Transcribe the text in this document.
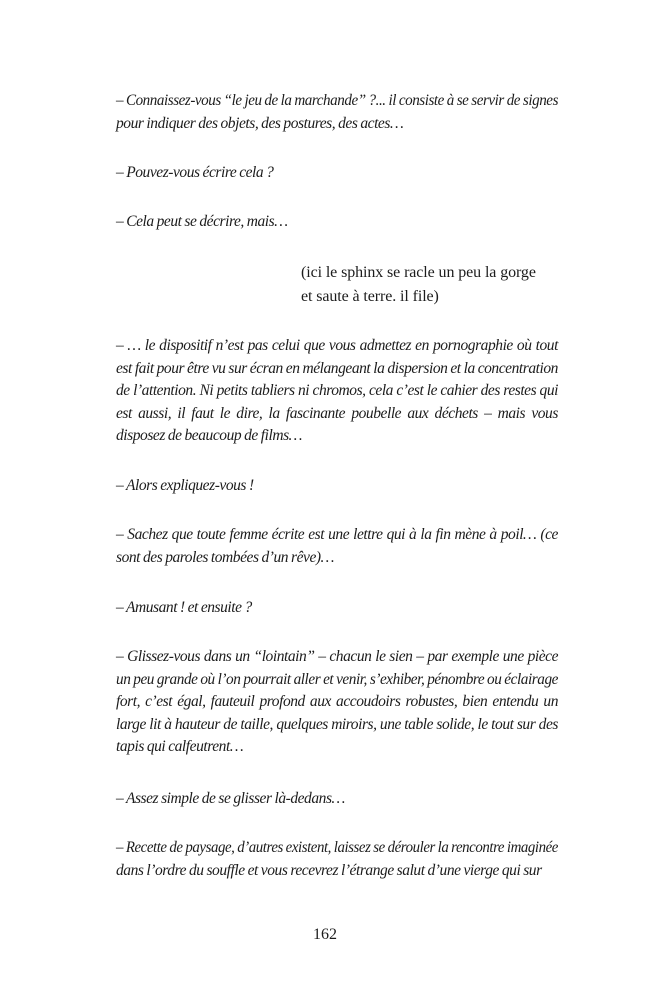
– Connaissez-vous “le jeu de la marchande” ?... il consiste à se servir de signes
pour indiquer des objets, des postures, des actes…

– Pouvez-vous écrire cela ?

– Cela peut se décrire, mais…

(ici le sphinx se racle un peu la gorge
et saute à terre. il file)

– … le dispositif n’est pas celui que vous admettez en pornographie où tout
est fait pour être vu sur écran en mélangeant la dispersion et la concentration
de l’attention. Ni petits tabliers ni chromos, cela c’est le cahier des restes qui
est aussi, il faut le dire, la fascinante poubelle aux déchets – mais vous
disposez de beaucoup de films…

– Alors expliquez-vous !

– Sachez que toute femme écrite est une lettre qui à la fin mène à poil… (ce
sont des paroles tombées d’un rêve)…

– Amusant ! et ensuite ?

– Glissez-vous dans un “lointain” – chacun le sien – par exemple une pièce
un peu grande où l’on pourrait aller et venir, s’exhiber, pénombre ou éclairage
fort, c’est égal, fauteuil profond aux accoudoirs robustes, bien entendu un
large lit à hauteur de taille, quelques miroirs, une table solide, le tout sur des
tapis qui calfeutrent…

– Assez simple de se glisser là-dedans…

– Recette de paysage, d’autres existent, laissez se dérouler la rencontre imaginée
dans l’ordre du souffle et vous recevrez l’étrange salut d’une vierge qui sur

162
